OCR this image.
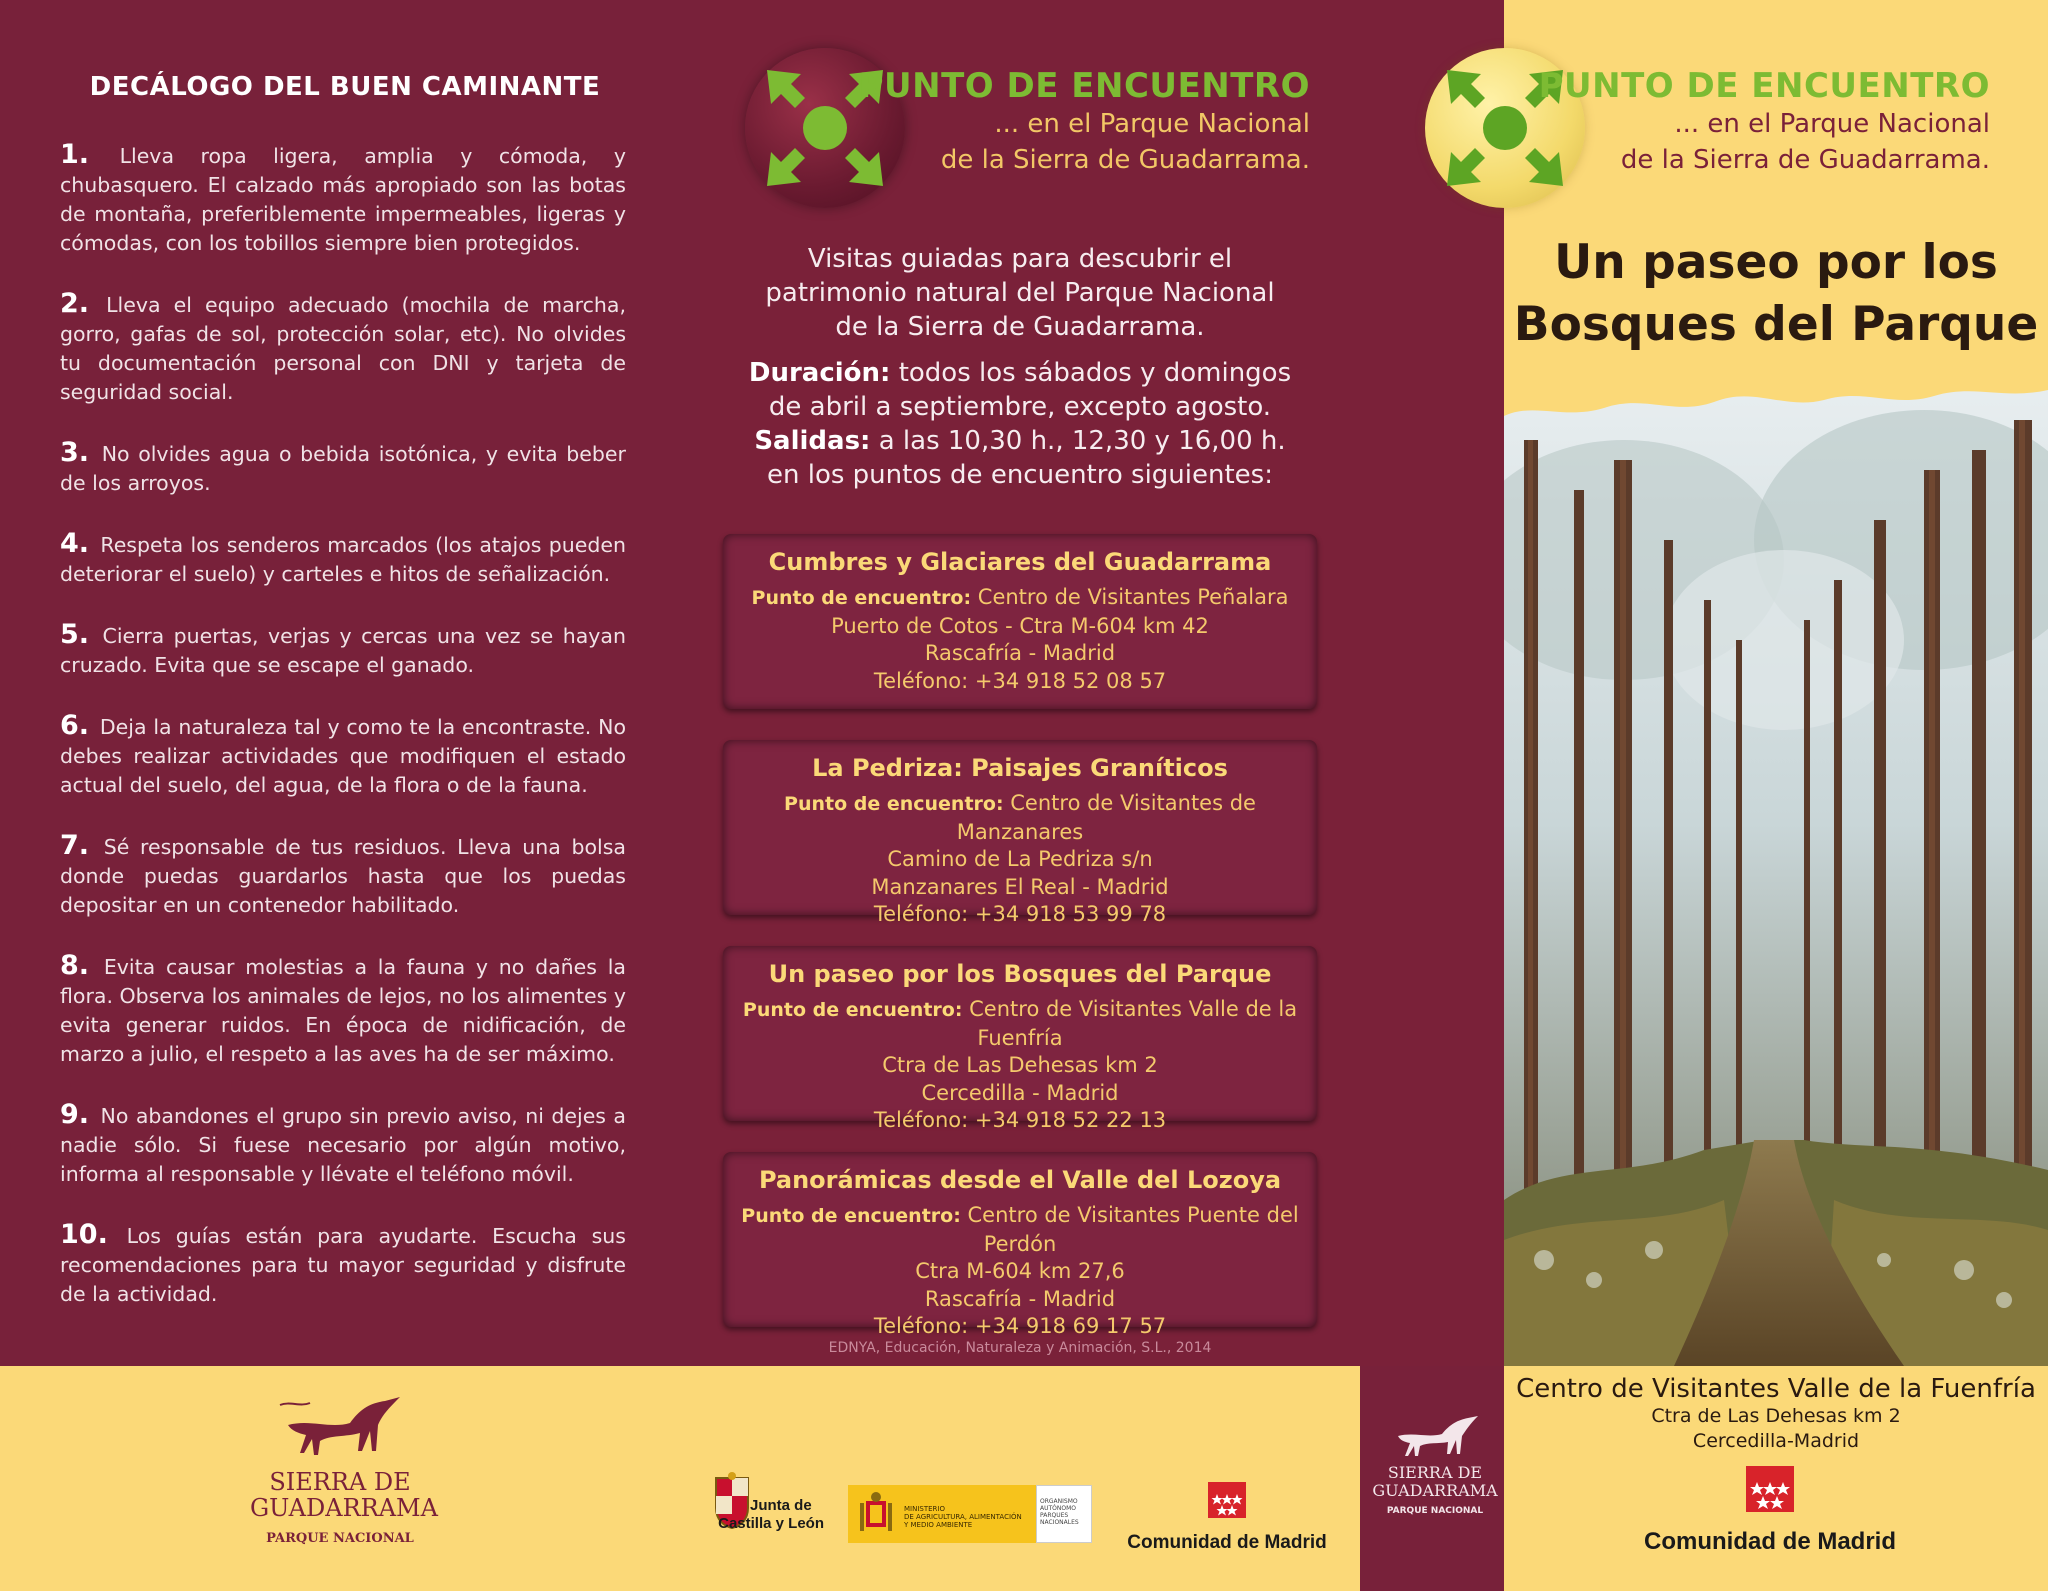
DECÁLOGO DEL BUEN CAMINANTE

1. Lleva ropa ligera, amplia y cómoda, y chubasquero. El calzado más apropiado son las botas de montaña, preferiblemente impermeables, ligeras y cómodas, con los tobillos siempre bien protegidos.

2. Lleva el equipo adecuado (mochila de marcha, gorro, gafas de sol, protección solar, etc). No olvides tu documentación personal con DNI y tarjeta de seguridad social.

3. No olvides agua o bebida isotónica, y evita beber de los arroyos.

4. Respeta los senderos marcados (los atajos pueden deteriorar el suelo) y carteles e hitos de señalización.

5. Cierra puertas, verjas y cercas una vez se hayan cruzado. Evita que se escape el ganado.

6. Deja la naturaleza tal y como te la encontraste. No debes realizar actividades que modifiquen el estado actual del suelo, del agua, de la flora o de la fauna.

7. Sé responsable de tus residuos. Lleva una bolsa donde puedas guardarlos hasta que los puedas depositar en un contenedor habilitado.

8. Evita causar molestias a la fauna y no dañes la flora. Observa los animales de lejos, no los alimentes y evita generar ruidos. En época de nidificación, de marzo a julio, el respeto a las aves ha de ser máximo.

9. No abandones el grupo sin previo aviso, ni dejes a nadie sólo. Si fuese necesario por algún motivo, informa al responsable y llévate el teléfono móvil.

10. Los guías están para ayudarte. Escucha sus recomendaciones para tu mayor seguridad y disfrute de la actividad.

PUNTO DE ENCUENTRO
... en el Parque Nacional
de la Sierra de Guadarrama.
Visitas guiadas para descubrir el
patrimonio natural del Parque Nacional
de la Sierra de Guadarrama.
Duración: todos los sábados y domingos
de abril a septiembre, excepto agosto.
Salidas: a las 10,30 h., 12,30 y 16,00 h.
en los puntos de encuentro siguientes:
Cumbres y Glaciares del Guadarrama
Punto de encuentro: Centro de Visitantes Peñalara
Puerto de Cotos - Ctra M-604 km 42
Rascafría - Madrid
Teléfono: +34 918 52 08 57
La Pedriza: Paisajes Graníticos
Punto de encuentro: Centro de Visitantes de Manzanares
Camino de La Pedriza s/n
Manzanares El Real - Madrid
Teléfono: +34 918 53 99 78
Un paseo por los Bosques del Parque
Punto de encuentro: Centro de Visitantes Valle de la Fuenfría
Ctra de Las Dehesas km 2
Cercedilla - Madrid
Teléfono: +34 918 52 22 13
Panorámicas desde el Valle del Lozoya
Punto de encuentro: Centro de Visitantes Puente del Perdón
Ctra M-604 km 27,6
Rascafría - Madrid
Teléfono: +34 918 69 17 57
EDNYA, Educación, Naturaleza y Animación, S.L., 2014
PUNTO DE ENCUENTRO
... en el Parque Nacional
de la Sierra de Guadarrama.
Un paseo por los
Bosques del Parque
Centro de Visitantes Valle de la Fuenfría
Ctra de Las Dehesas km 2
Cercedilla-Madrid
Comunidad de Madrid
SIERRA DE
GUADARRAMA
PARQUE NACIONAL
Junta de
Castilla y León
MINISTERIO
DE AGRICULTURA, ALIMENTACIÓN
Y MEDIO AMBIENTE
ORGANISMO
AUTÓNOMO
PARQUES
NACIONALES
Comunidad de Madrid
SIERRA DE
GUADARRAMA
PARQUE NACIONAL
